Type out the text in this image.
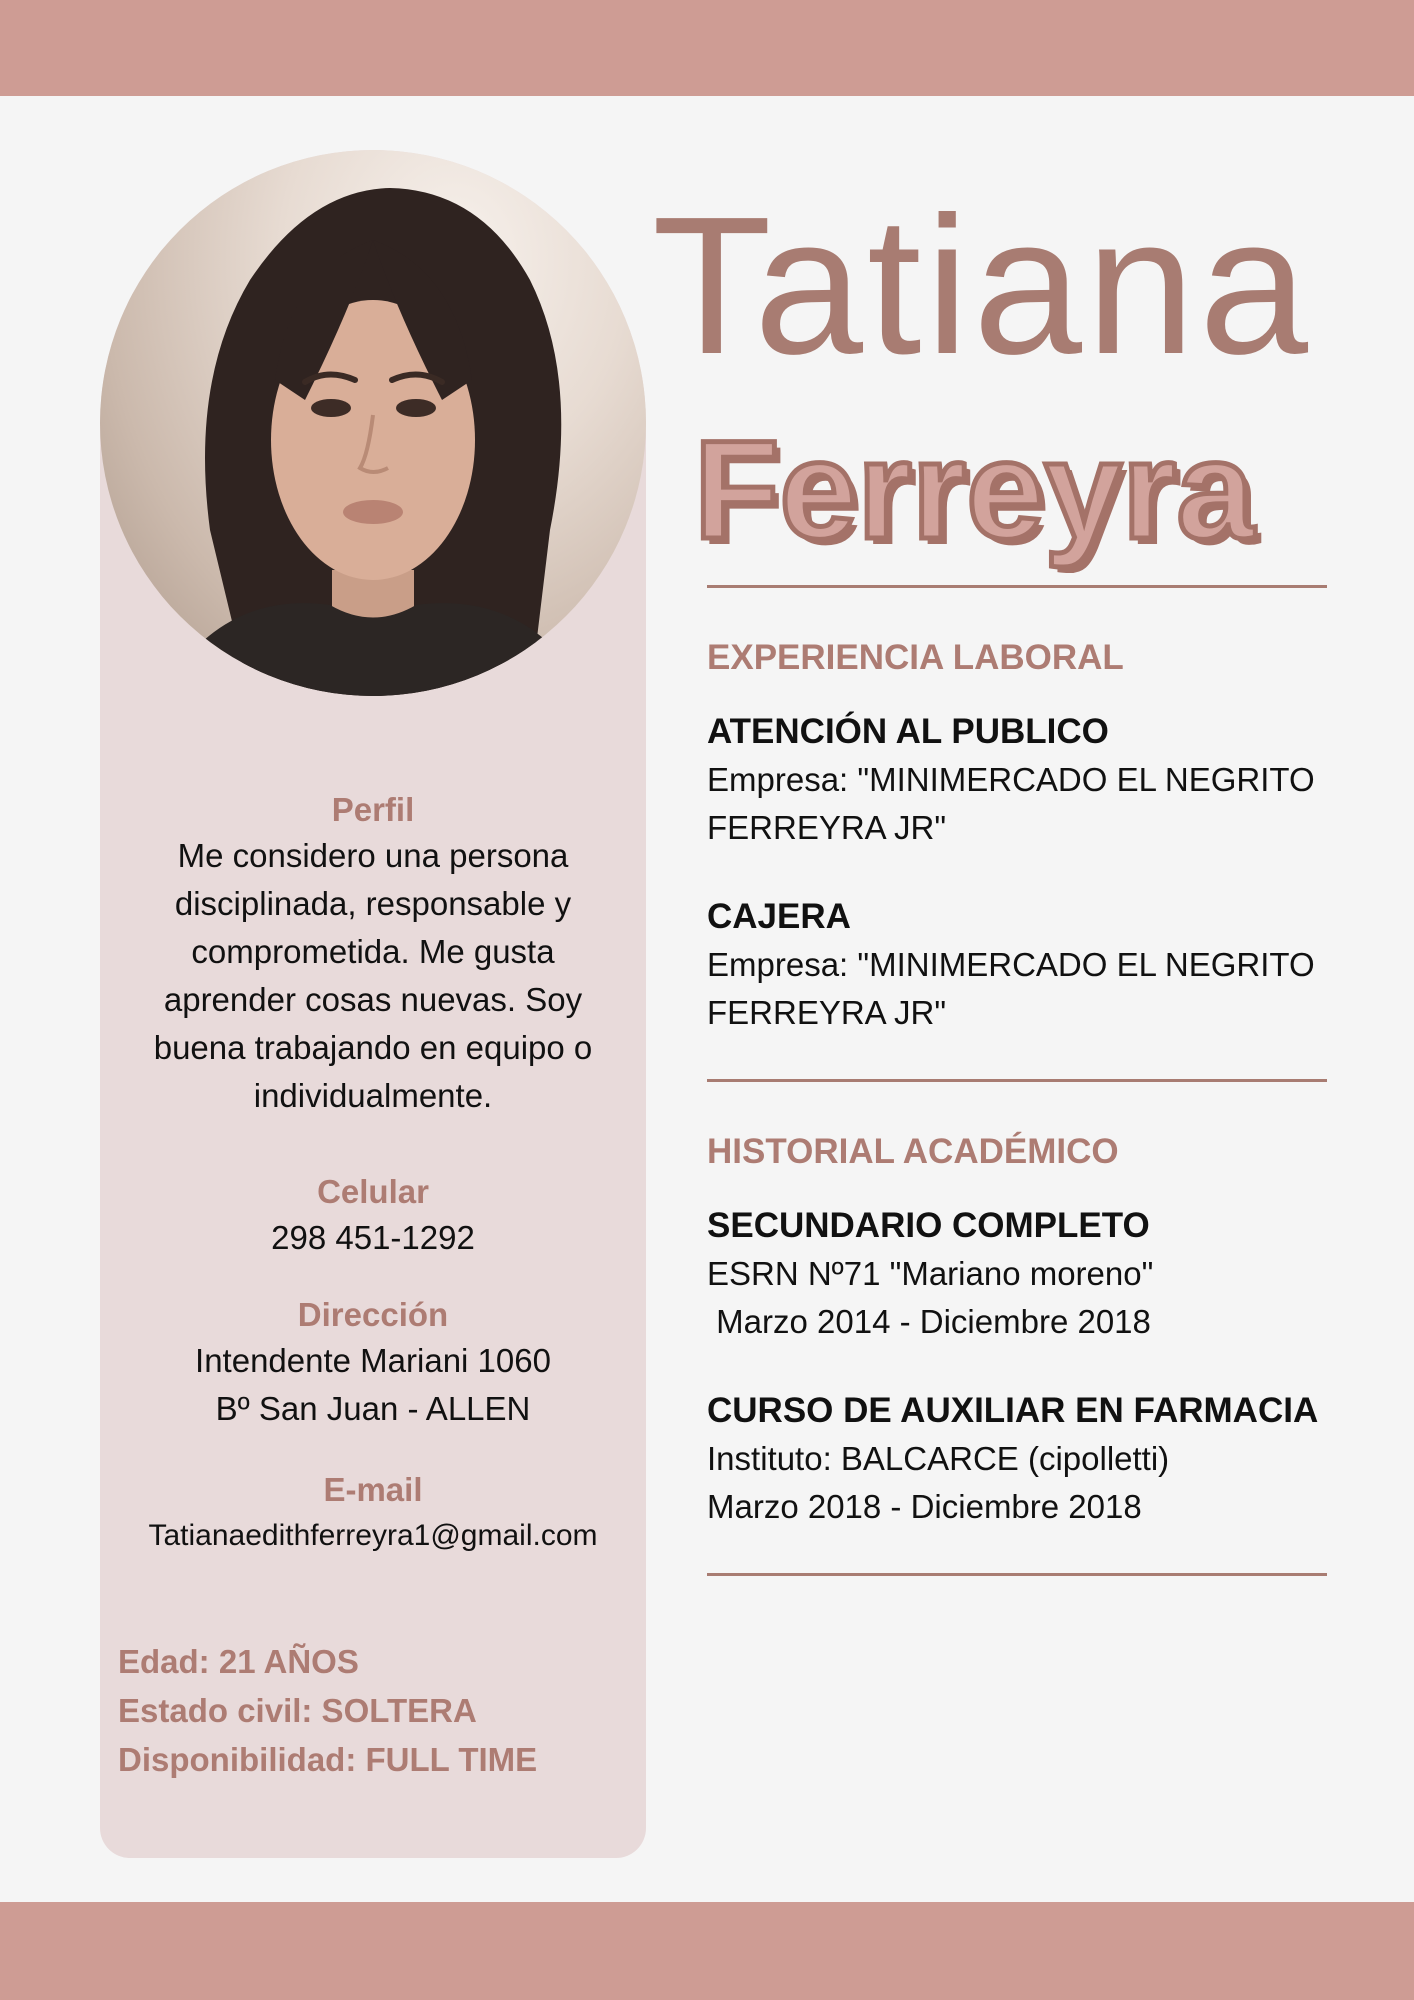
Perfil
Me considero una persona disciplinada, responsable y comprometida. Me gusta aprender cosas nuevas. Soy buena trabajando en equipo o individualmente.
Celular
298 451-1292
Dirección
Intendente Mariani 1060
Bº San Juan - ALLEN
E-mail
Tatianaedithferreyra1@gmail.com
Edad: 21 AÑOS
Estado civil: SOLTERA
Disponibilidad: FULL TIME
Tatiana
Ferreyra
EXPERIENCIA LABORAL
ATENCIÓN AL PUBLICO
Empresa: "MINIMERCADO EL NEGRITO
FERREYRA JR"
CAJERA
Empresa: "MINIMERCADO EL NEGRITO
FERREYRA JR"
HISTORIAL ACADÉMICO
SECUNDARIO COMPLETO
ESRN Nº71 "Mariano moreno"
Marzo 2014 - Diciembre 2018
CURSO DE AUXILIAR EN FARMACIA
Instituto: BALCARCE (cipolletti)
Marzo 2018 - Diciembre 2018
